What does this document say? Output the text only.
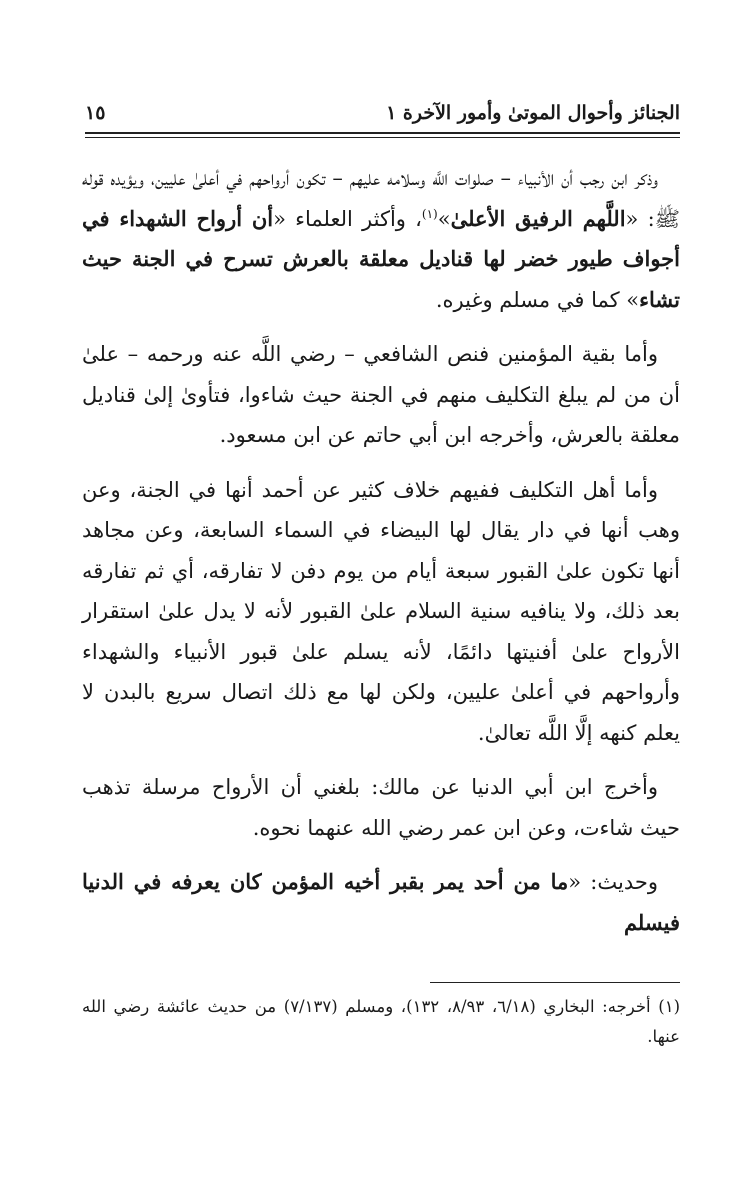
الجنائز وأحوال الموتىٰ وأمور الآخرة ١
١٥

وذكر ابن رجب أن الأنبياء – صلوات اللَّه وسلامه عليهم – تكون أرواحهم في أعلىٰ عليين، ويؤيده قوله ﷺ: «اللَّهم الرفيق الأعلىٰ»$^{(١)}$، وأكثر العلماء «أن أرواح الشهداء في أجواف طيور خضر لها قناديل معلقة بالعرش تسرح في الجنة حيث تشاء» كما في مسلم وغيره.

وأما بقية المؤمنين فنص الشافعي – رضي اللَّه عنه ورحمه – علىٰ أن من لم يبلغ التكليف منهم في الجنة حيث شاءوا، فتأوىٰ إلىٰ قناديل معلقة بالعرش، وأخرجه ابن أبي حاتم عن ابن مسعود.

وأما أهل التكليف ففيهم خلاف كثير عن أحمد أنها في الجنة، وعن وهب أنها في دار يقال لها البيضاء في السماء السابعة، وعن مجاهد أنها تكون علىٰ القبور سبعة أيام من يوم دفن لا تفارقه، أي ثم تفارقه بعد ذلك، ولا ينافيه سنية السلام علىٰ القبور لأنه لا يدل علىٰ استقرار الأرواح علىٰ أفنيتها دائمًا، لأنه يسلم علىٰ قبور الأنبياء والشهداء وأرواحهم في أعلىٰ عليين، ولكن لها مع ذلك اتصال سريع بالبدن لا يعلم كنهه إلَّا اللَّه تعالىٰ.

وأخرج ابن أبي الدنيا عن مالك: بلغني أن الأرواح مرسلة تذهب حيث شاءت، وعن ابن عمر رضي الله عنهما نحوه.

وحديث: «ما من أحد يمر بقبر أخيه المؤمن كان يعرفه في الدنيا فيسلم

(١) أخرجه: البخاري (٦/١٨، ٨/٩٣، ١٣٢)، ومسلم (٧/١٣٧) من حديث عائشة رضي الله عنها.
